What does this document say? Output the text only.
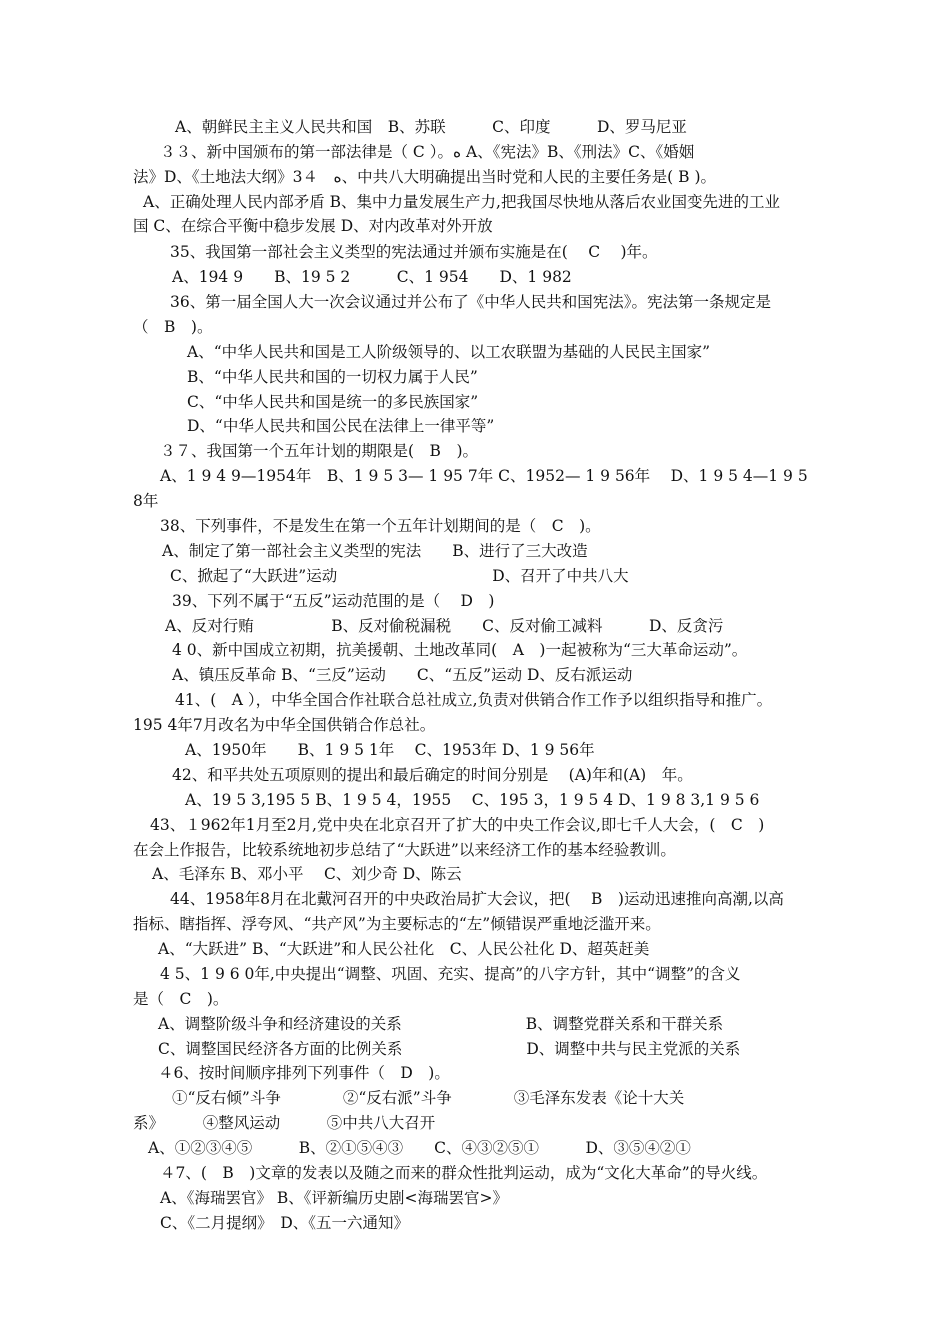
A、朝鲜民主主义人民共和国　B、苏联　　　C、印度　　　D、罗马尼亚
３３、新中国颁布的第一部法律是（ C ）。ﻩ A、《宪法》B、《刑法》C、《婚姻
法》D、《土地法大纲》3４　ﻩ、中共八大明确提出当时党和人民的主要任务是( B )。
A、正确处理人民内部矛盾 B、集中力量发展生产力,把我国尽快地从落后农业国变先进的工业
国 C、在综合平衡中稳步发展 D、对内改革对外开放
35、我国第一部社会主义类型的宪法通过并颁布实施是在(　 C　 )年。
A、194 9　　B、19 5 2　　　C、1 954　　D、1 982
36、第一届全国人大一次会议通过并公布了《中华人民共和国宪法》。宪法第一条规定是
（　B　)。
A、“中华人民共和国是工人阶级领导的、以工农联盟为基础的人民民主国家”
B、“中华人民共和国的一切权力属于人民”
C、“中华人民共和国是统一的多民族国家”
D、“中华人民共和国公民在法律上一律平等”
３７、我国第一个五年计划的期限是(　B　)。
A、1 9 4 9—1954年　B、1 9 5 3— 1 95 7年 C、1952— 1 9 56年　 D、1 9 5 4—1 9 5
8年
38、下列事件，不是发生在第一个五年计划期间的是（　C　)。
A、制定了第一部社会主义类型的宪法　　B、进行了三大改造
C、掀起了“大跃进”运动　　　　　　　　　　D、召开了中共八大
39、下列不属于“五反”运动范围的是（　 D　)
A、反对行贿　　　　　B、反对偷税漏税　　C、反对偷工减料　　　D、反贪污
4 0、新中国成立初期，抗美援朝、土地改革同(　A　)一起被称为“三大革命运动”。
A、镇压反革命 B、“三反”运动　　C、“五反”运动 D、反右派运动
41、(　A ），中华全国合作社联合总社成立,负责对供销合作工作予以组织指导和推广。
195 4年7月改名为中华全国供销合作总社。
A、1950年　　B、1 9 5 1年　 C、1953年 D、1 9 56年
42、和平共处五项原则的提出和最后确定的时间分别是　 (A)年和(A)　年。
A、19 5 3,195 5 B、1 9 5 4，1955　 C、195 3，1 9 5 4 D、1 9 8 3,1 9 5 6
43、１962年1月至2月,党中央在北京召开了扩大的中央工作会议,即七千人大会，(　C　)
在会上作报告，比较系统地初步总结了“大跃进”以来经济工作的基本经验教训。
A、毛泽东 B、邓小平　 C、刘少奇 D、陈云
44、1958年8月在北戴河召开的中央政治局扩大会议，把(　 B　)运动迅速推向高潮,以高
指标、瞎指挥、浮夸风、“共产风”为主要标志的“左”倾错误严重地泛滥开来。
A、“大跃进” B、“大跃进”和人民公社化　C、人民公社化 D、超英赶美
4 5、1 9 6 0年,中央提出“调整、巩固、充实、提高”的八字方针，其中“调整”的含义
是（　C　)。
A、调整阶级斗争和经济建设的关系　　　　　　　　B、调整党群关系和干群关系
C、调整国民经济各方面的比例关系　　　　　　　　D、调整中共与民主党派的关系
４6、按时间顺序排列下列事件（　D　)。
①“反右倾”斗争　　　　②“反右派”斗争　　　　③毛泽东发表《论十大关
系》　　　④整风运动　　　⑤中共八大召开
A、①②③④⑤　　　B、②①⑤④③　　C、④③②⑤①　　　D、③⑤④②①
４7、(　B　)文章的发表以及随之而来的群众性批判运动，成为“文化大革命”的导火线。
A、《海瑞罢官》 B、《评新编历史剧<海瑞罢官>》
C、《二月提纲》　D、《五一六通知》
